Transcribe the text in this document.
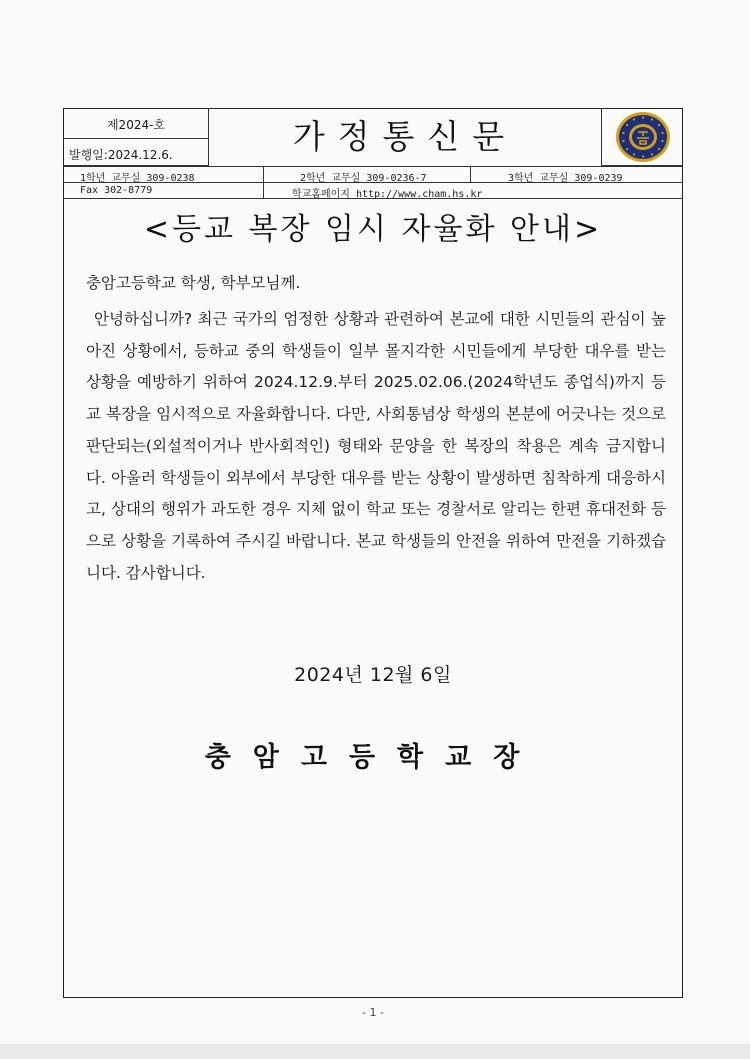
제2024-호
발행일:2024.12.6.	가정통신문
1학년 교무실 309-0238	2학년 교무실 309-0236-7	3학년 교무실 309-0239
Fax 302-8779	학교홈페이지 http://www.cham.hs.kr
<등교 복장 임시 자율화 안내>
충암고등학교 학생, 학부모님께.
안녕하십니까? 최근 국가의 엄정한 상황과 관련하여 본교에 대한 시민들의 관심이 높아진 상황에서, 등하교 중의 학생들이 일부 몰지각한 시민들에게 부당한 대우를 받는 상황을 예방하기 위하여 2024.12.9.부터 2025.02.06.(2024학년도 종업식)까지 등교 복장을 임시적으로 자율화합니다. 다만, 사회통념상 학생의 본분에 어긋나는 것으로 판단되는(외설적이거나 반사회적인) 형태와 문양을 한 복장의 착용은 계속 금지합니다. 아울러 학생들이 외부에서 부당한 대우를 받는 상황이 발생하면 침착하게 대응하시고, 상대의 행위가 과도한 경우 지체 없이 학교 또는 경찰서로 알리는 한편 휴대전화 등으로 상황을 기록하여 주시길 바랍니다. 본교 학생들의 안전을 위하여 만전을 기하겠습니다. 감사합니다.
2024년 12월 6일
충암고등학교장
- 1 -
